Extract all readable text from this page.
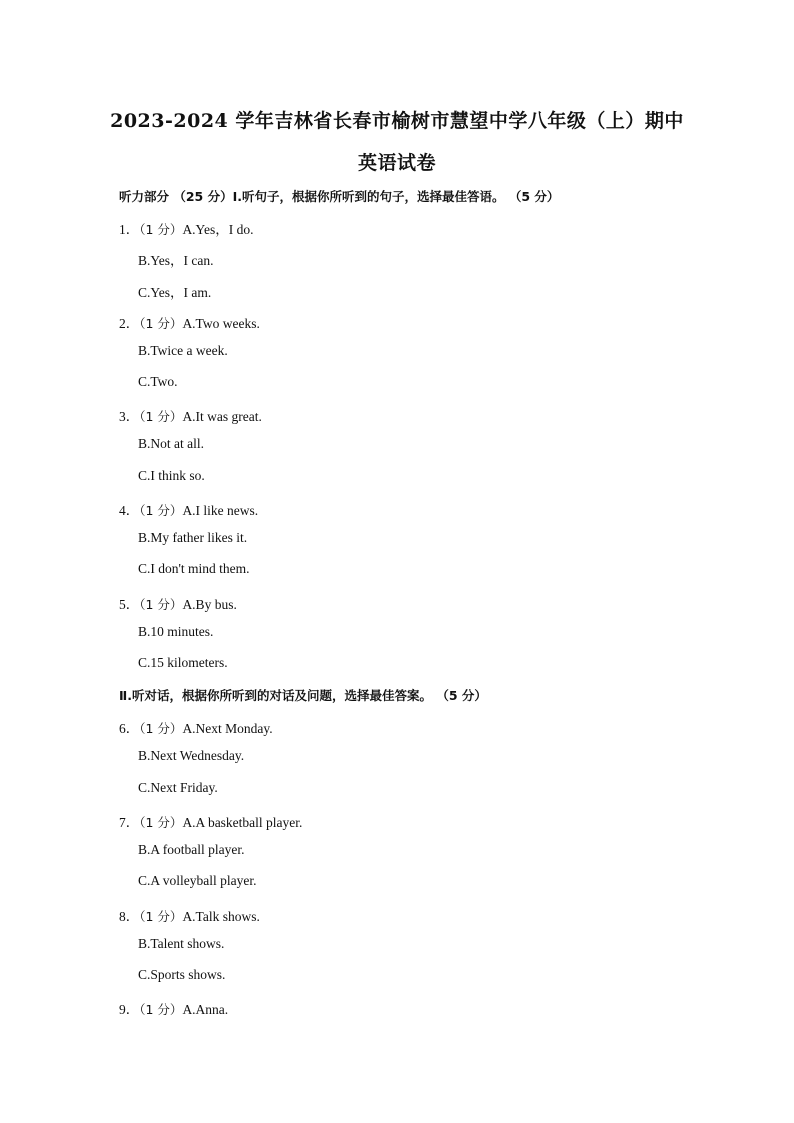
2023-2024 学年吉林省长春市榆树市慧望中学八年级（上）期中
英语试卷
听力部分 （25 分）Ⅰ.听句子，根据你所听到的句子，选择最佳答语。 （5 分）
1．（1 分）A.Yes，I do.
B.Yes，I can.
C.Yes，I am.
2．（1 分）A.Two weeks.
B.Twice a week.
C.Two.
3．（1 分）A.It was great.
B.Not at all.
C.I think so.
4．（1 分）A.I like news.
B.My father likes it.
C.I don't mind them.
5．（1 分）A.By bus.
B.10 minutes.
C.15 kilometers.
Ⅱ.听对话，根据你所听到的对话及问题，选择最佳答案。 （5 分）
6．（1 分）A.Next Monday.
B.Next Wednesday.
C.Next Friday.
7．（1 分）A.A basketball player.
B.A football player.
C.A volleyball player.
8．（1 分）A.Talk shows.
B.Talent shows.
C.Sports shows.
9．（1 分）A.Anna.
